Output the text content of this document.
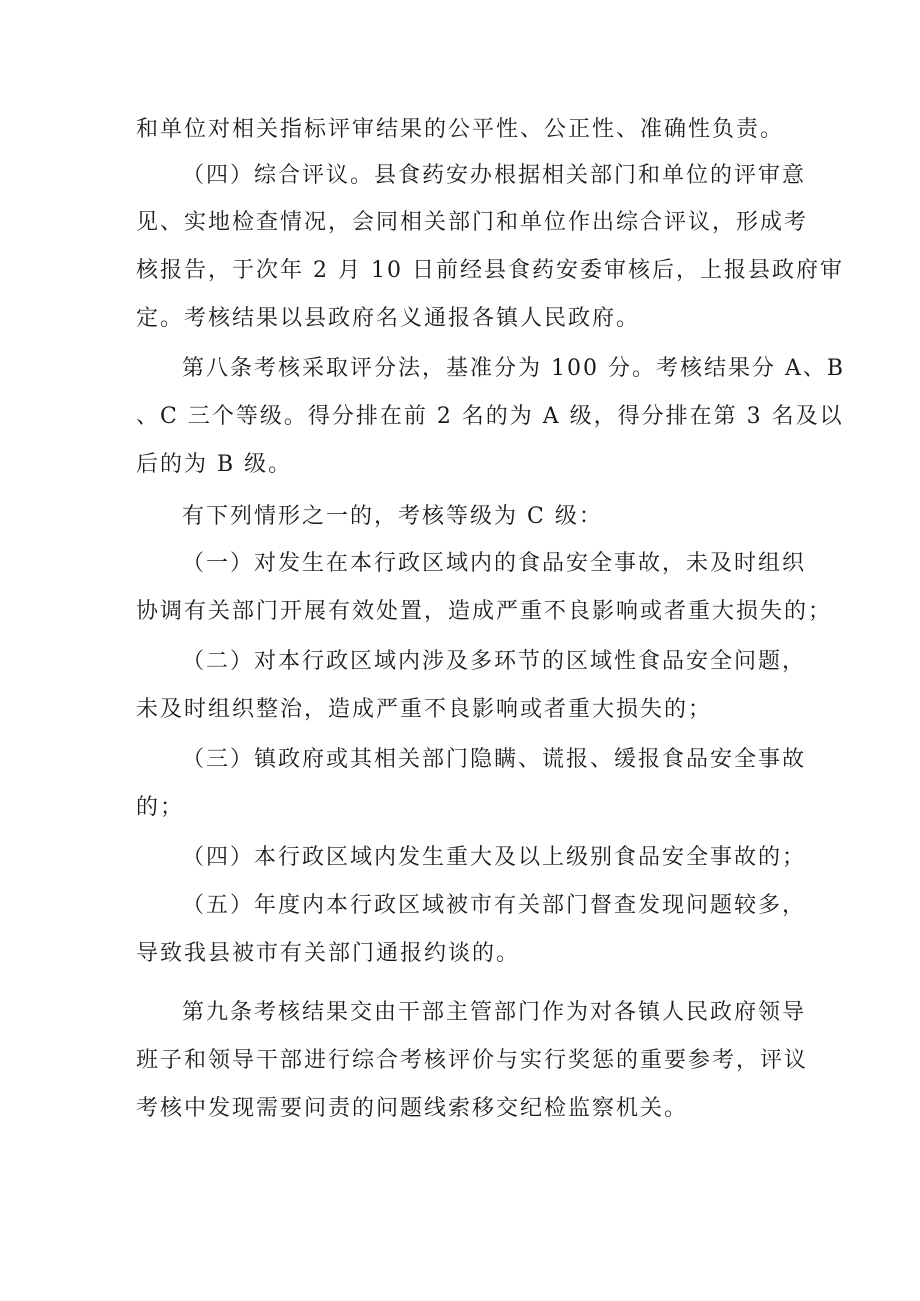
和单位对相关指标评审结果的公平性、公正性、准确性负责。

（四）综合评议。县食药安办根据相关部门和单位的评审意

见、实地检查情况，会同相关部门和单位作出综合评议，形成考

核报告，于次年 2 月 10 日前经县食药安委审核后，上报县政府审

定。考核结果以县政府名义通报各镇人民政府。

第八条考核采取评分法，基准分为 100 分。考核结果分 A、B

、C 三个等级。得分排在前 2 名的为 A 级，得分排在第 3 名及以

后的为 B 级。

有下列情形之一的，考核等级为 C 级：

（一）对发生在本行政区域内的食品安全事故，未及时组织

协调有关部门开展有效处置，造成严重不良影响或者重大损失的；

（二）对本行政区域内涉及多环节的区域性食品安全问题，

未及时组织整治，造成严重不良影响或者重大损失的；

（三）镇政府或其相关部门隐瞒、谎报、缓报食品安全事故

的；

（四）本行政区域内发生重大及以上级别食品安全事故的；

（五）年度内本行政区域被市有关部门督查发现问题较多，

导致我县被市有关部门通报约谈的。

第九条考核结果交由干部主管部门作为对各镇人民政府领导

班子和领导干部进行综合考核评价与实行奖惩的重要参考，评议

考核中发现需要问责的问题线索移交纪检监察机关。
